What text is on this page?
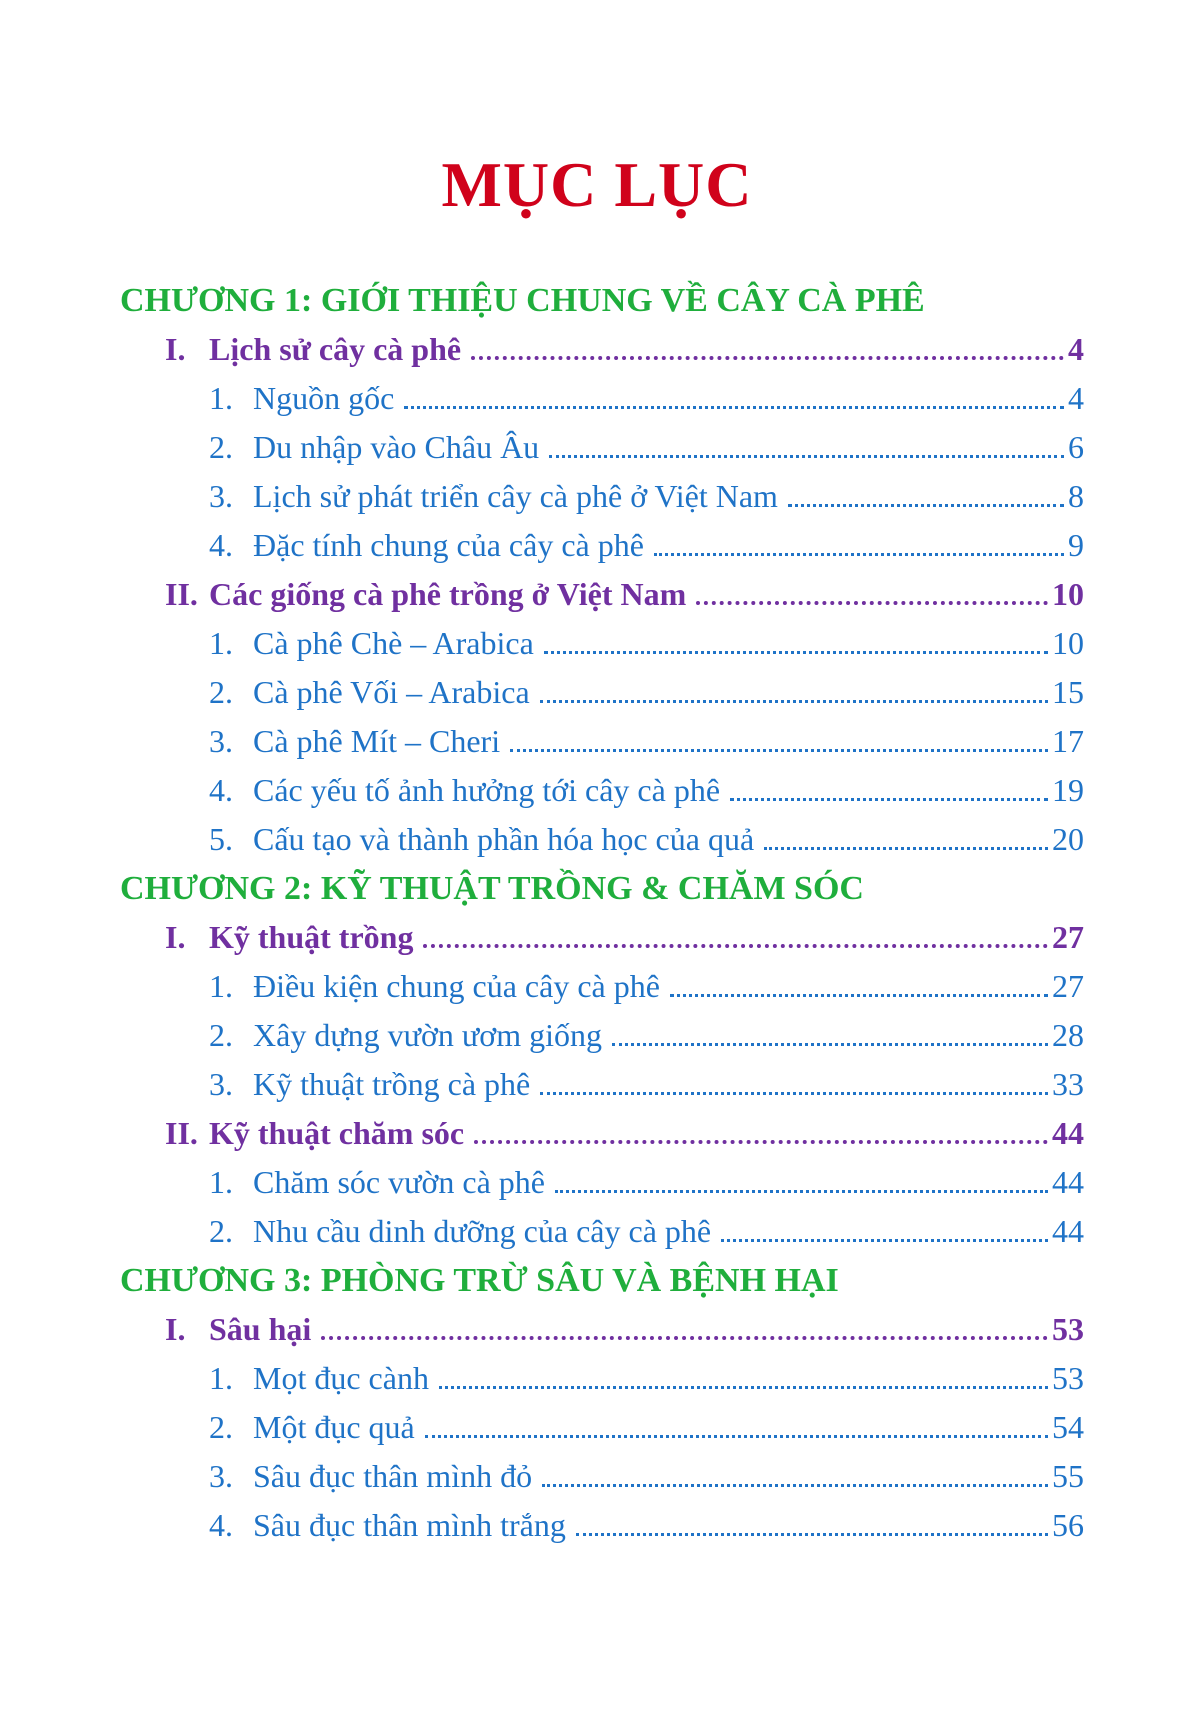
MỤC LỤC
CHƯƠNG 1: GIỚI THIỆU CHUNG VỀ CÂY CÀ PHÊ
I. Lịch sử cây cà phê	4
1. Nguồn gốc	4
2. Du nhập vào Châu Âu	6
3. Lịch sử phát triển cây cà phê ở Việt Nam	8
4. Đặc tính chung của cây cà phê	9
II. Các giống cà phê trồng ở Việt Nam	10
1. Cà phê Chè – Arabica	10
2. Cà phê Vối – Arabica	15
3. Cà phê Mít – Cheri	17
4. Các yếu tố ảnh hưởng tới cây cà phê	19
5. Cấu tạo và thành phần hóa học của quả	20
CHƯƠNG 2: KỸ THUẬT TRỒNG & CHĂM SÓC
I. Kỹ thuật trồng	27
1. Điều kiện chung của cây cà phê	27
2. Xây dựng vườn ươm giống	28
3. Kỹ thuật trồng cà phê	33
II. Kỹ thuật chăm sóc	44
1. Chăm sóc vườn cà phê	44
2. Nhu cầu dinh dưỡng của cây cà phê	44
CHƯƠNG 3: PHÒNG TRỪ SÂU VÀ BỆNH HẠI
I. Sâu hại	53
1. Mọt đục cành	53
2. Một đục quả	54
3. Sâu đục thân mình đỏ	55
4. Sâu đục thân mình trắng	56
